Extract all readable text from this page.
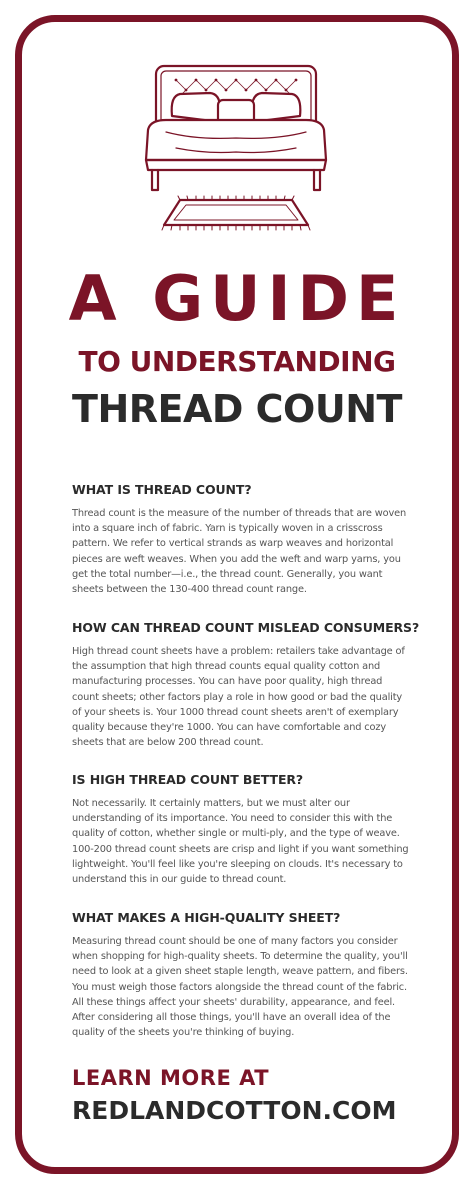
A GUIDE
TO UNDERSTANDING
THREAD COUNT
WHAT IS THREAD COUNT?

Thread count is the measure of the number of threads that are woven into a square inch of fabric. Yarn is typically woven in a crisscross pattern. We refer to vertical strands as warp weaves and horizontal pieces are weft weaves. When you add the weft and warp yarns, you get the total number—i.e., the thread count. Generally, you want sheets between the 130-400 thread count range.

HOW CAN THREAD COUNT MISLEAD CONSUMERS?

High thread count sheets have a problem: retailers take advantage of the assumption that high thread counts equal quality cotton and manufacturing processes. You can have poor quality, high thread count sheets; other factors play a role in how good or bad the quality of your sheets is. Your 1000 thread count sheets aren't of exemplary quality because they're 1000. You can have comfortable and cozy sheets that are below 200 thread count.

IS HIGH THREAD COUNT BETTER?

Not necessarily. It certainly matters, but we must alter our understanding of its importance. You need to consider this with the quality of cotton, whether single or multi-ply, and the type of weave. 100-200 thread count sheets are crisp and light if you want something lightweight. You'll feel like you're sleeping on clouds. It's necessary to understand this in our guide to thread count.

WHAT MAKES A HIGH-QUALITY SHEET?

Measuring thread count should be one of many factors you consider when shopping for high-quality sheets. To determine the quality, you'll need to look at a given sheet staple length, weave pattern, and fibers. You must weigh those factors alongside the thread count of the fabric. All these things affect your sheets' durability, appearance, and feel. After considering all those things, you'll have an overall idea of the quality of the sheets you're thinking of buying.

LEARN MORE AT
REDLANDCOTTON.COM
